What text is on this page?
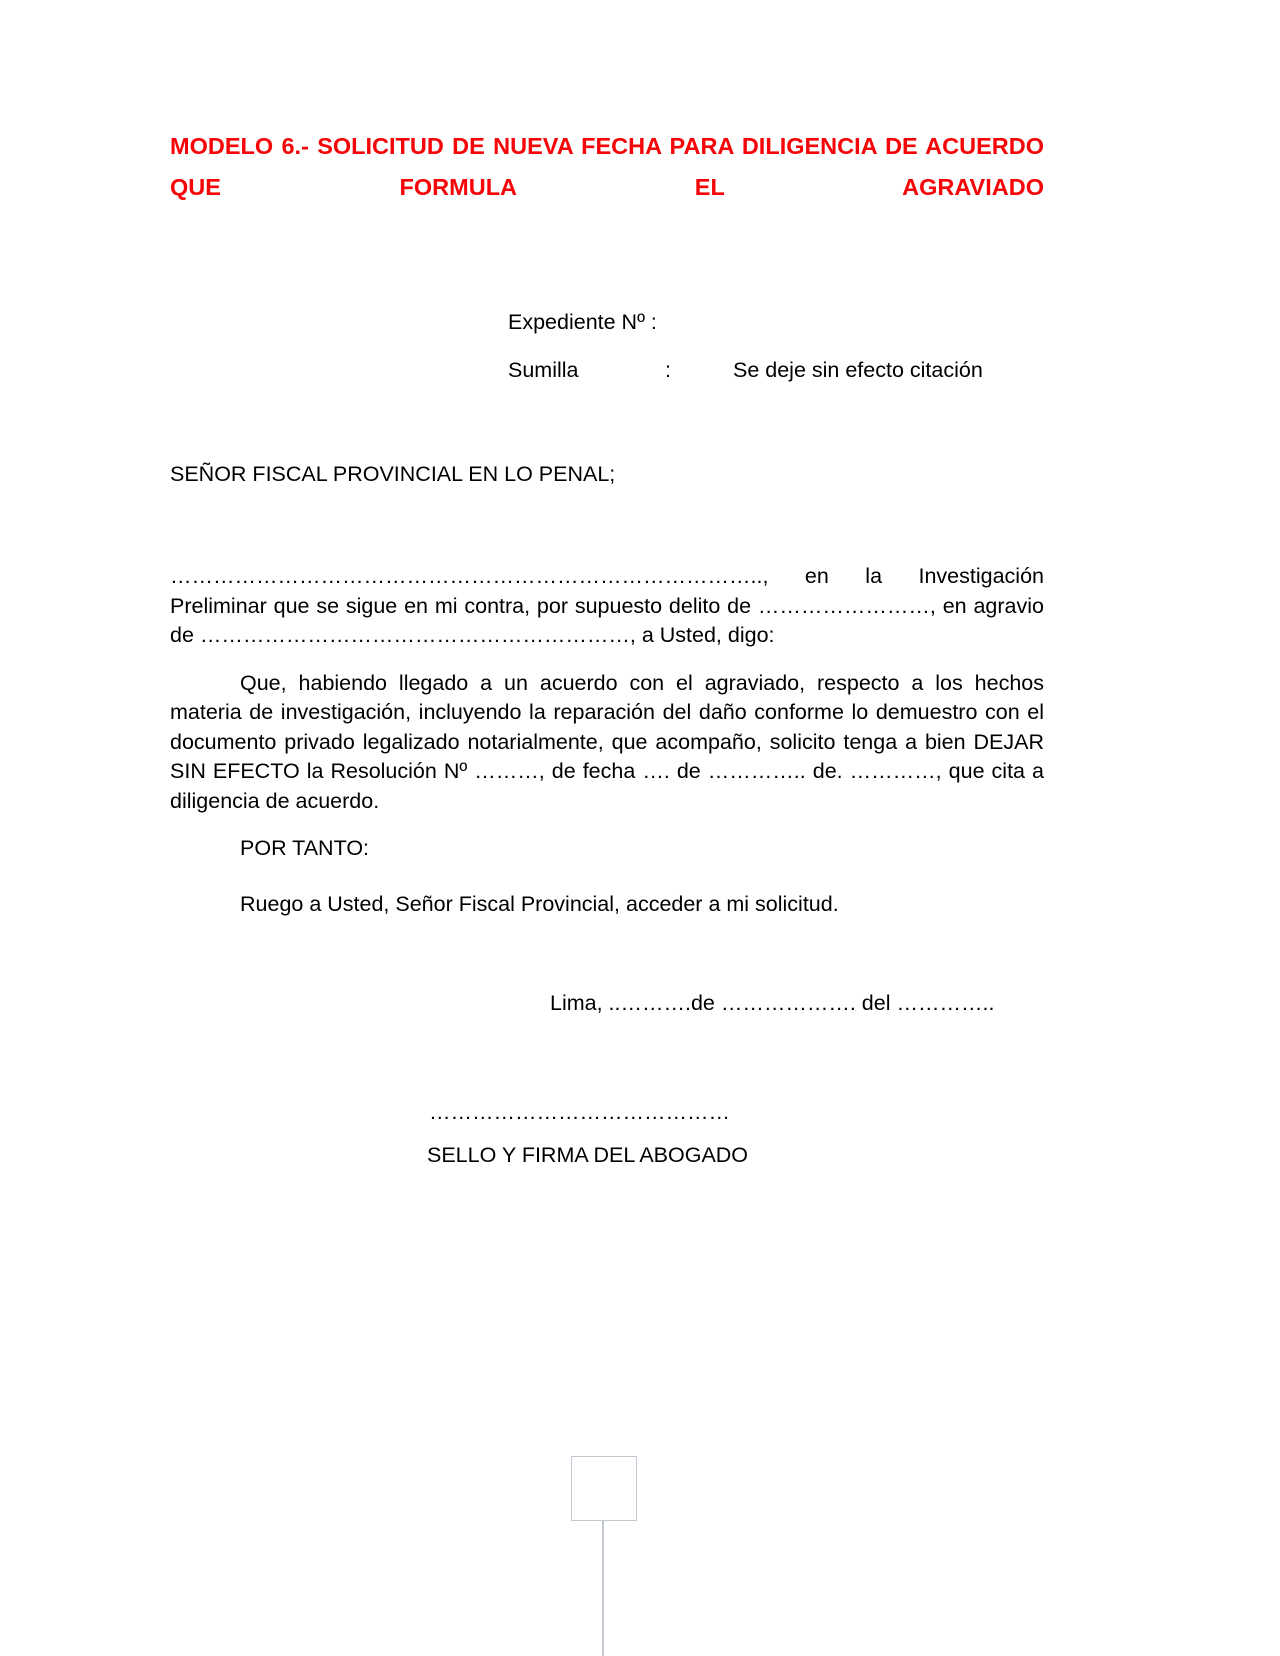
MODELO 6.- SOLICITUD DE NUEVA FECHA PARA DILIGENCIA DE ACUERDO QUE FORMULA EL AGRAVIADO
Expediente Nº :
Sumilla	:	Se deje sin efecto citación
SEÑOR FISCAL PROVINCIAL EN LO PENAL;

……………………………………………………………………….., en la Investigación Preliminar que se sigue en mi contra, por supuesto delito de ……………………, en agravio de ……………………………………………………, a Usted, digo:

Que, habiendo llegado a un acuerdo con el agraviado, respecto a los hechos materia de investigación, incluyendo la reparación del daño conforme lo demuestro con el documento privado legalizado notarialmente, que acompaño, solicito tenga a bien DEJAR SIN EFECTO la Resolución Nº ………, de fecha …. de ………….. de. …………, que cita a diligencia de acuerdo.

POR TANTO:
Ruego a Usted, Señor Fiscal Provincial, acceder a mi solicitud.
Lima, ..……….de ………………. del …………..
……………………………………
SELLO Y FIRMA DEL ABOGADO
